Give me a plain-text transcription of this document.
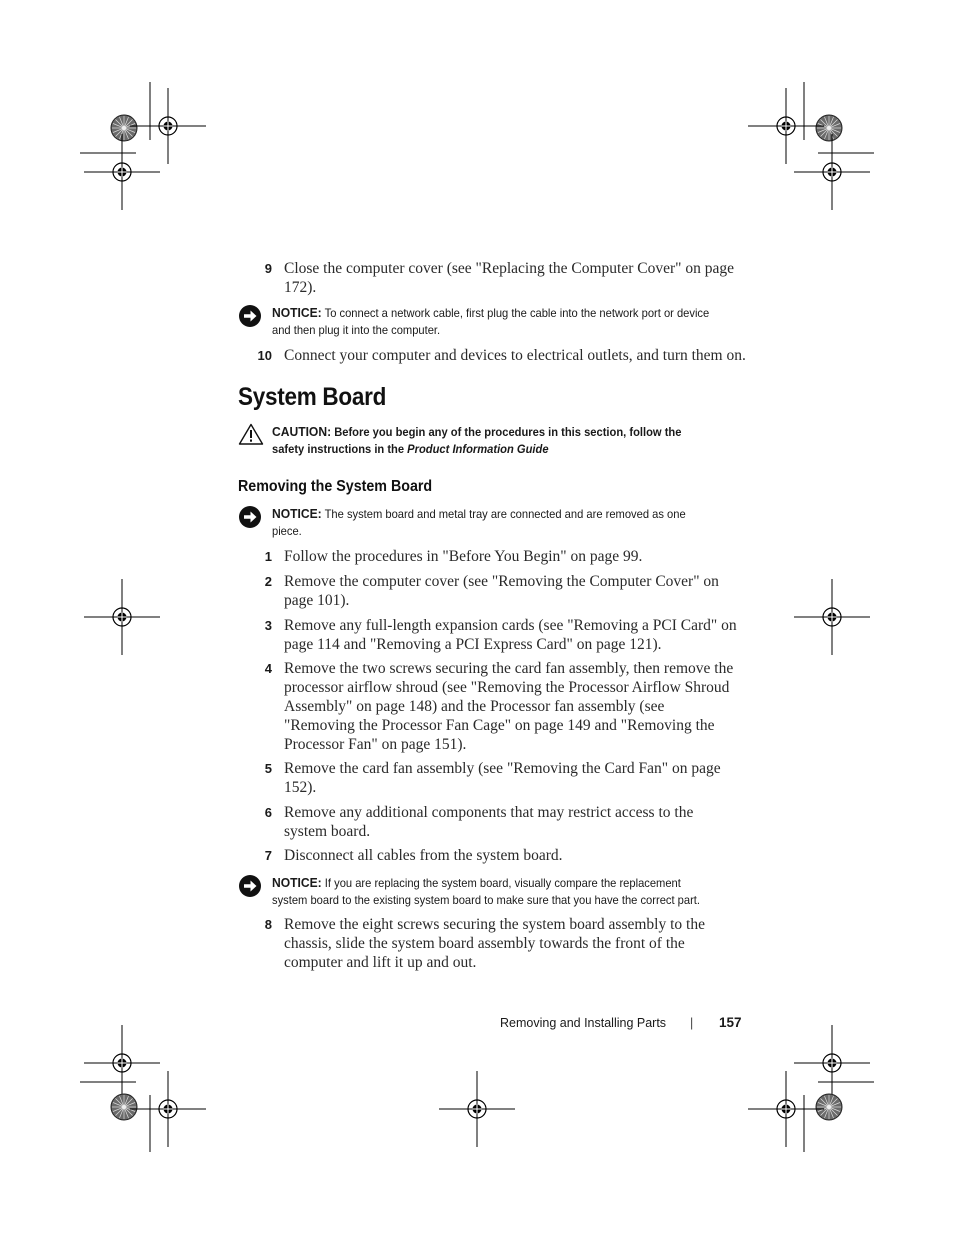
9 Close the computer cover (see "Replacing the Computer Cover" on page 172).
NOTICE: To connect a network cable, first plug the cable into the network port or device and then plug it into the computer.
10 Connect your computer and devices to electrical outlets, and turn them on.
System Board
CAUTION: Before you begin any of the procedures in this section, follow the safety instructions in the Product Information Guide
Removing the System Board
NOTICE: The system board and metal tray are connected and are removed as one piece.
1 Follow the procedures in "Before You Begin" on page 99.
2 Remove the computer cover (see "Removing the Computer Cover" on page 101).
3 Remove any full-length expansion cards (see "Removing a PCI Card" on page 114 and "Removing a PCI Express Card" on page 121).
4 Remove the two screws securing the card fan assembly, then remove the processor airflow shroud (see "Removing the Processor Airflow Shroud Assembly" on page 148) and the Processor fan assembly (see "Removing the Processor Fan Cage" on page 149 and "Removing the Processor Fan" on page 151).
5 Remove the card fan assembly (see "Removing the Card Fan" on page 152).
6 Remove any additional components that may restrict access to the system board.
7 Disconnect all cables from the system board.
NOTICE: If you are replacing the system board, visually compare the replacement system board to the existing system board to make sure that you have the correct part.
8 Remove the eight screws securing the system board assembly to the chassis, slide the system board assembly towards the front of the computer and lift it up and out.
Removing and Installing Parts | 157
